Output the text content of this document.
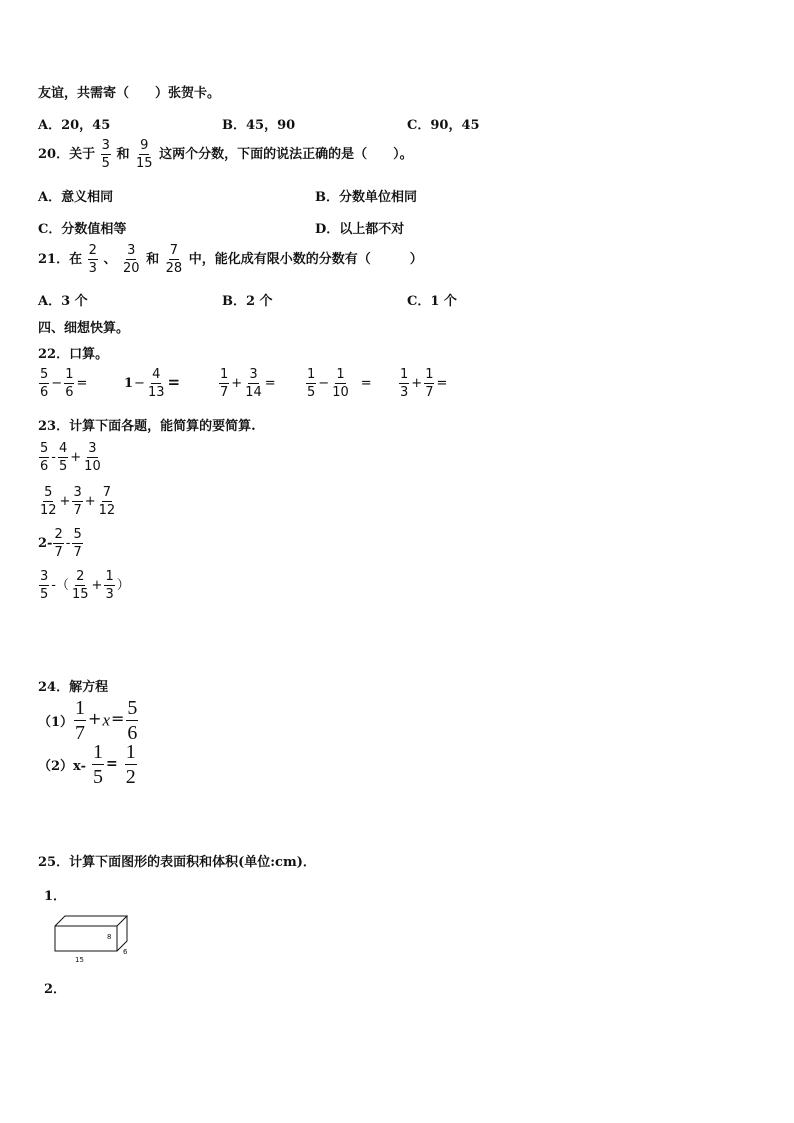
友谊，共需寄（　　）张贺卡。
A．20，45	B．45，90	C．90，45
20．关于 $\frac{3}{5}$ 和 $\frac{9}{15}$ 这两个分数，下面的说法正确的是（　　）。
A．意义相同	B．分数单位相同
C．分数值相等	D．以上都不对
21．在 $\frac{2}{3}$ 、 $\frac{3}{20}$ 和 $\frac{7}{28}$ 中，能化成有限小数的分数有（　　　）
A．3 个	B．2 个	C．1 个
四、细想快算。
22．口算。
$\frac{5}{6} - \frac{1}{6}$ =	$1- \frac{4}{13}$ =	$\frac{1}{7} + \frac{3}{14} = \frac{1}{5} - \frac{1}{10} = \frac{1}{3} + \frac{1}{7}$ =
23．计算下面各题，能简算的要简算.
$\frac{5}{6} - \frac{4}{5} + \frac{3}{10}$
$\frac{5}{12} + \frac{3}{7} + \frac{7}{12}$
$2- \frac{2}{7} - \frac{5}{7}$
$\frac{3}{5}$ -（ $\frac{2}{15} + \frac{1}{3}$ ）
24．解方程
$(1) \frac{1}{7} +x= \frac{5}{6}$
$(2)x- \frac{1}{5} = \frac{1}{2}$
25．计算下面图形的表面积和体积(单位:cm)．
1．
15
8
6
2．
